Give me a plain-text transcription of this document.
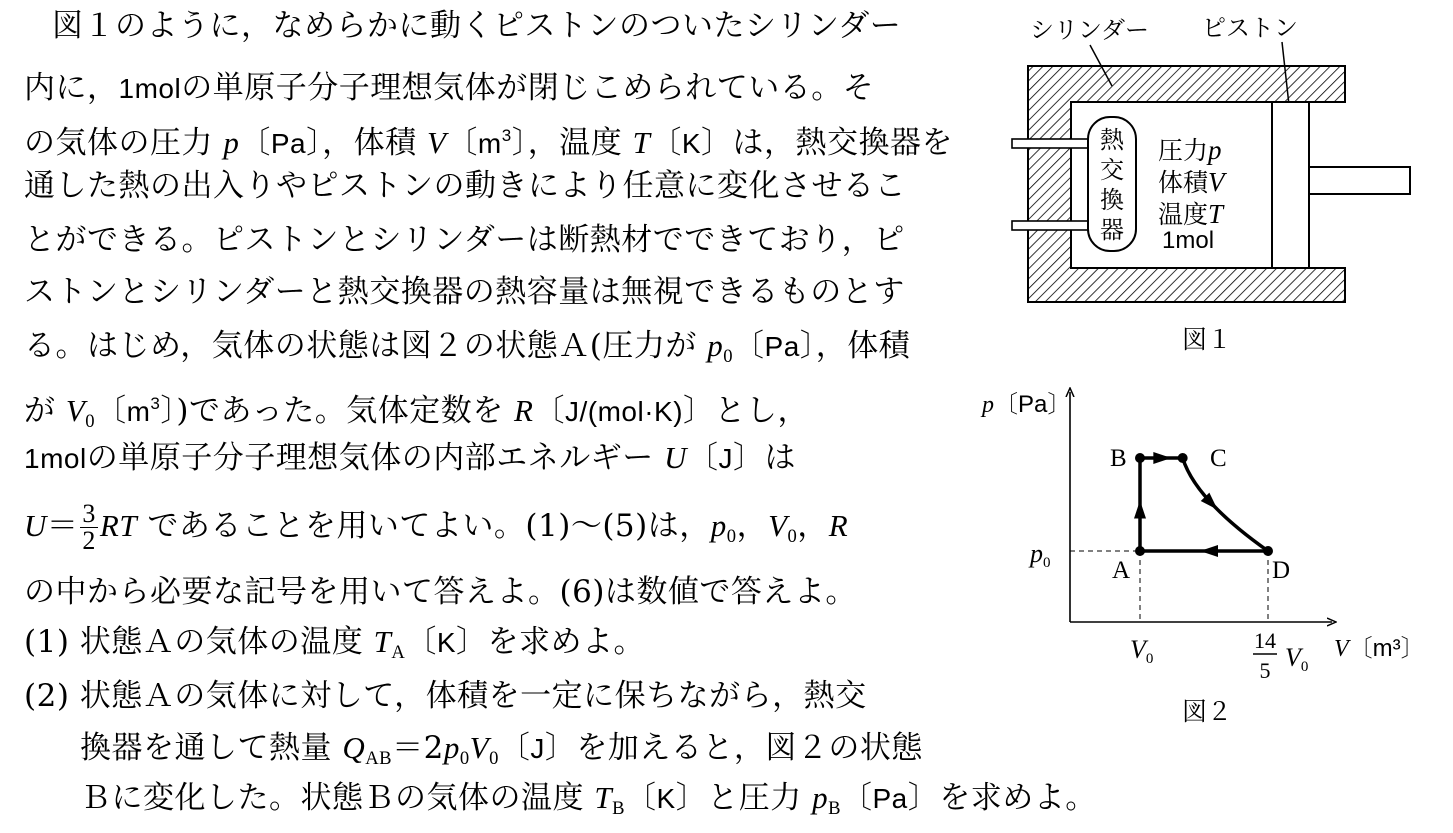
図１のように，なめらかに動くピストンのついたシリンダー
内に，1molの単原子分子理想気体が閉じこめられている。そ
の気体の圧力 p〔Pa〕，体積 V〔$m^3$〕，温度 T〔K〕は，熱交換器を
通した熱の出入りやピストンの動きにより任意に変化させるこ
とができる。ピストンとシリンダーは断熱材でできており，ピ
ストンとシリンダーと熱交換器の熱容量は無視できるものとす
る。はじめ，気体の状態は図２の状態Ａ(圧力が $p_0$〔Pa〕，体積
が $V_0$〔$m^3$〕)であった。気体定数を R〔J/(mol·K)〕とし，
1molの単原子分子理想気体の内部エネルギー U〔J〕は
$U= \frac{3}{2}$ RT であることを用いてよい。(1)～(5)は，$p_0$，$V_0$，R
の中から必要な記号を用いて答えよ。(6)は数値で答えよ。
(1) 状態Ａの気体の温度 $T_A$〔K〕を求めよ。
(2) 状態Ａの気体に対して，体積を一定に保ちながら，熱交
換器を通して熱量 $Q_{AB}=2p_0V_0$〔J〕を加えると，図２の状態
Ｂに変化した。状態Ｂの気体の温度 $T_B$〔K〕と圧力 $p_B$〔Pa〕を求めよ。
熱
交
換
器
シリンダー ピストン
圧力p
体積V
温度T
1mol
図１
p〔Pa〕
V〔m³〕
p0
V0
14
5 V0
A
B	C
D
図２
